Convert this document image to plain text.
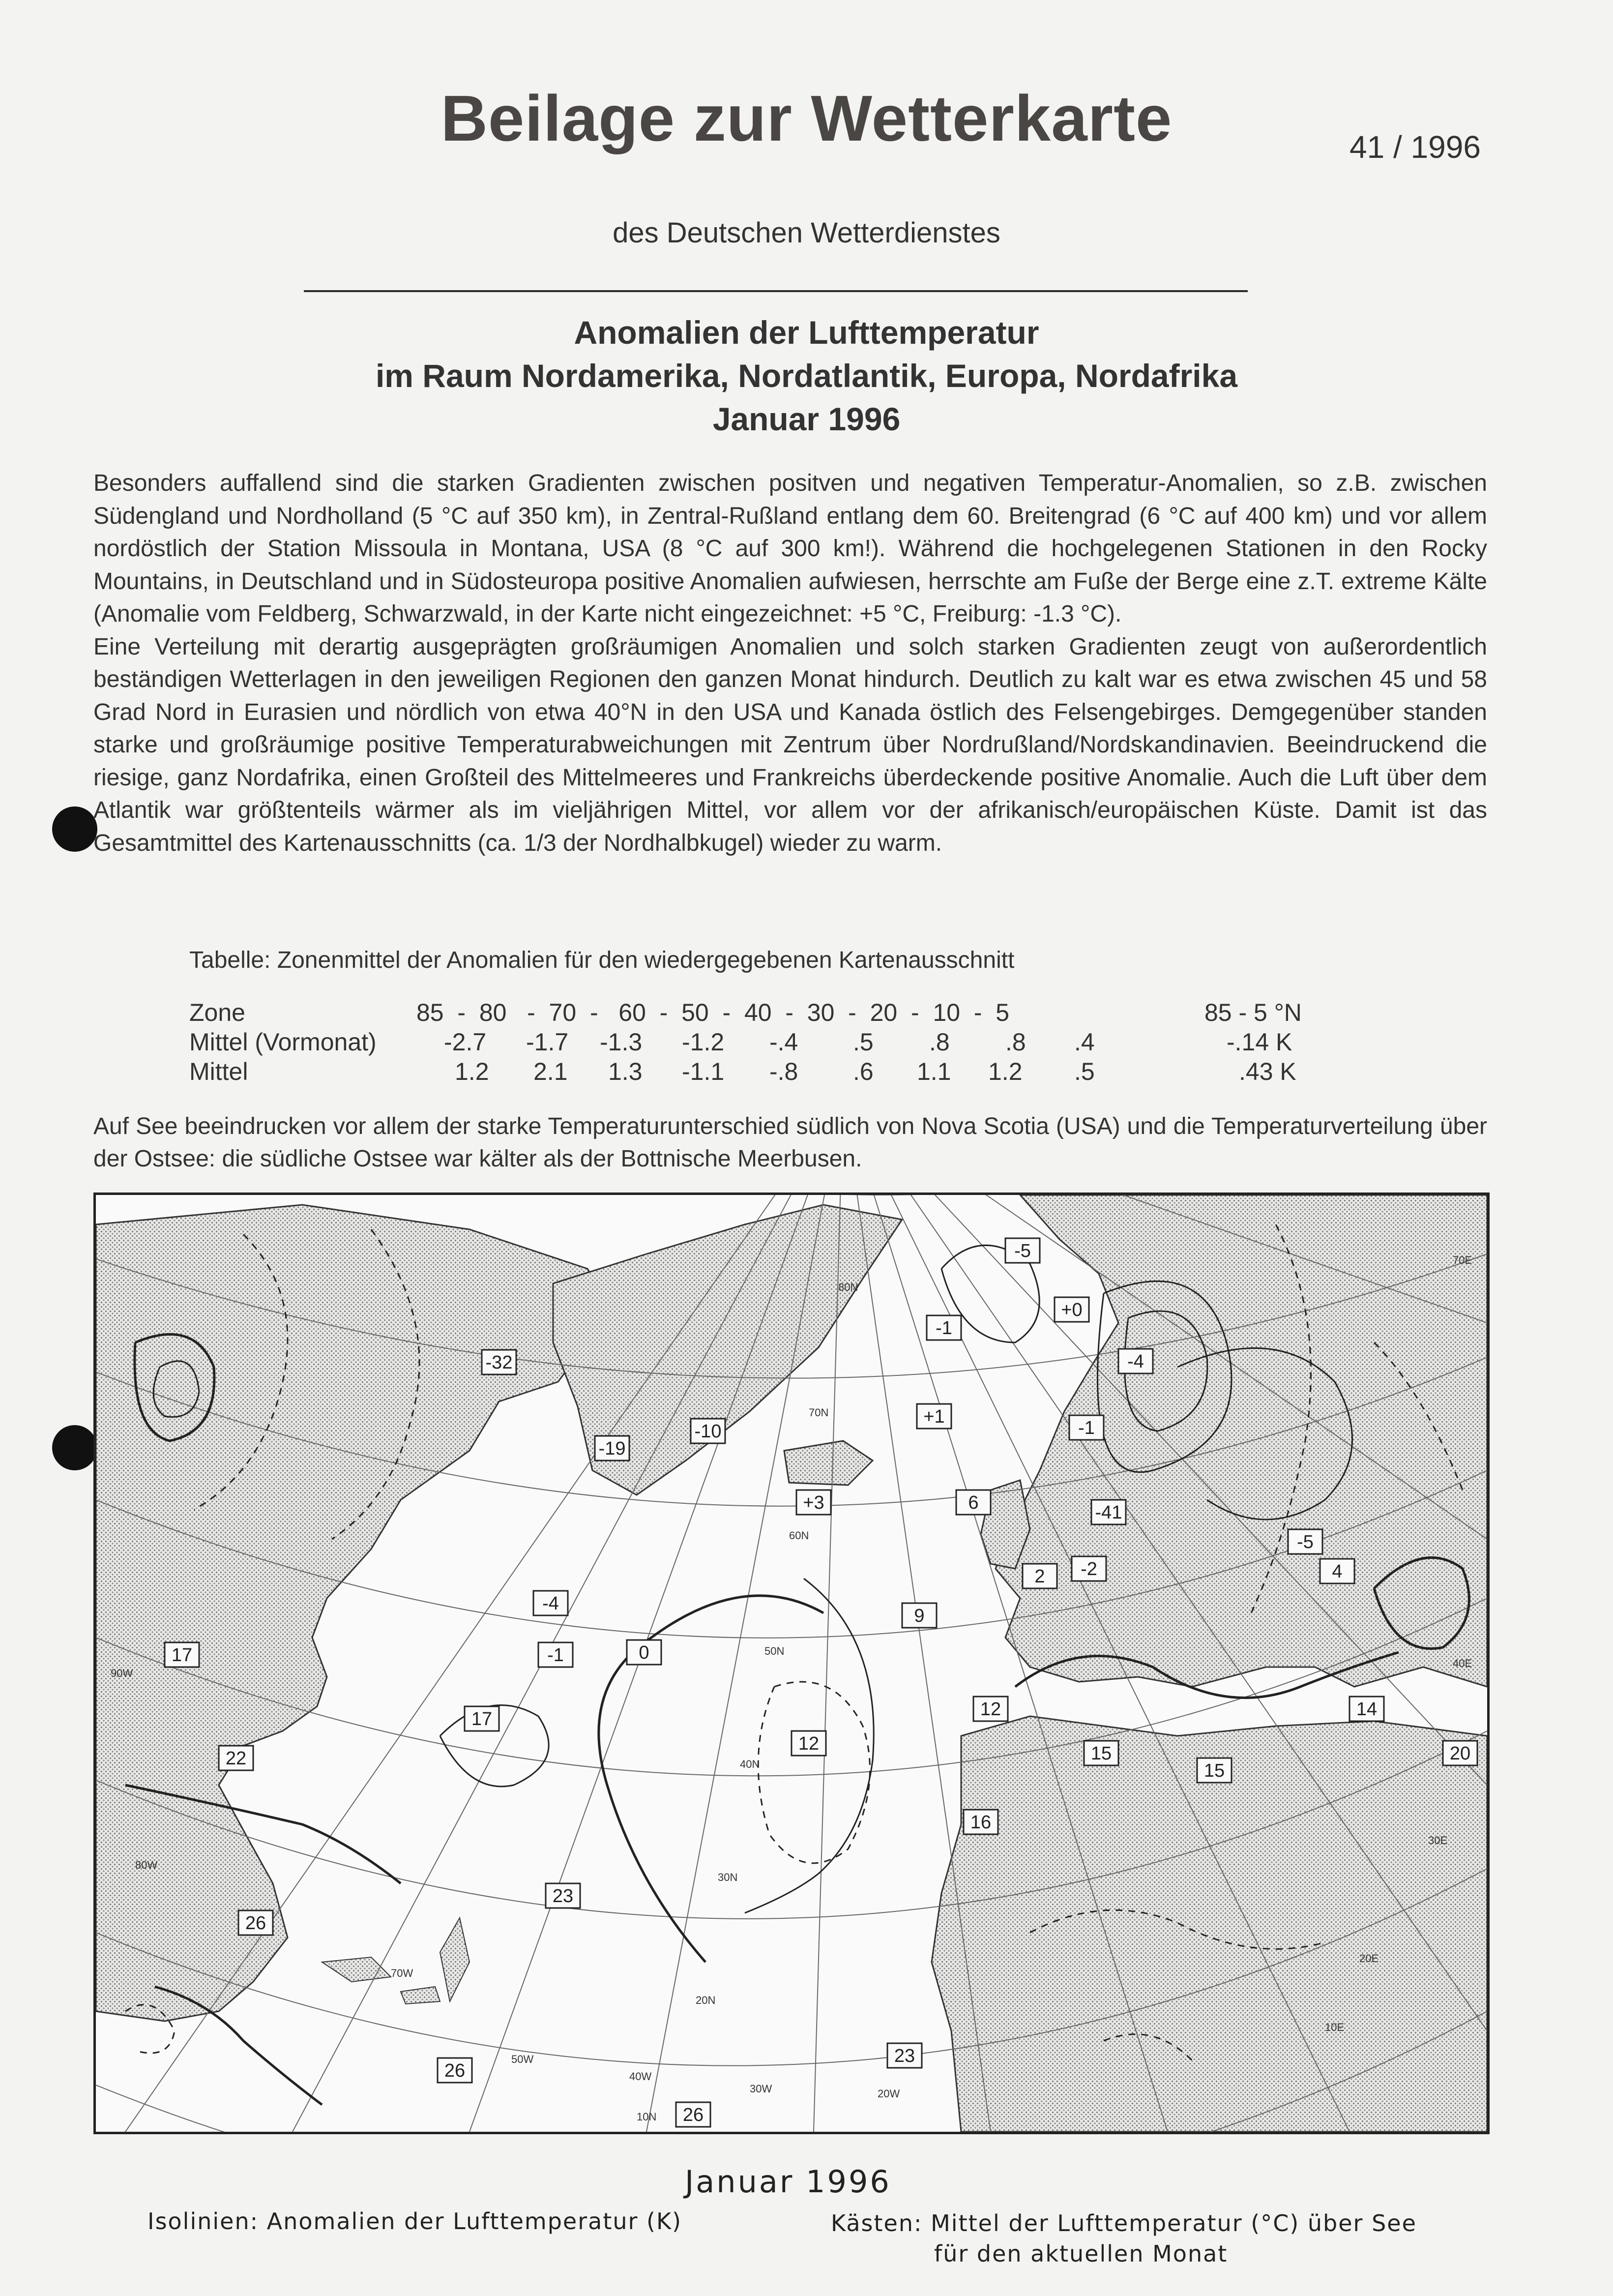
Beilage zur Wetterkarte	41 / 1996
des Deutschen Wetterdienstes
Anomalien der Lufttemperatur
im Raum Nordamerika, Nordatlantik, Europa, Nordafrika
Januar 1996

Besonders auffallend sind die starken Gradienten zwischen positven und negativen Temperatur-Anomalien, so z.B. zwischen Südengland und Nordholland (5 °C auf 350 km), in Zentral-Rußland entlang dem 60. Breitengrad (6 °C auf 400 km) und vor allem nordöstlich der Station Missoula in Montana, USA (8 °C auf 300 km!). Während die hochgelegenen Stationen in den Rocky Mountains, in Deutschland und in Südosteuropa positive Anomalien aufwiesen, herrschte am Fuße der Berge eine z.T. extreme Kälte (Anomalie vom Feldberg, Schwarzwald, in der Karte nicht eingezeichnet: +5 °C, Freiburg: -1.3 °C).

Eine Verteilung mit derartig ausgeprägten großräumigen Anomalien und solch starken Gradienten zeugt von außerordentlich beständigen Wetterlagen in den jeweiligen Regionen den ganzen Monat hindurch. Deutlich zu kalt war es etwa zwischen 45 und 58 Grad Nord in Eurasien und nördlich von etwa 40°N in den USA und Kanada östlich des Felsengebirges. Demgegenüber standen starke und großräumige positive Temperaturabweichungen mit Zentrum über Nordrußland/Nordskandinavien. Beeindruckend die riesige, ganz Nordafrika, einen Großteil des Mittelmeeres und Frankreichs überdeckende positive Anomalie. Auch die Luft über dem Atlantik war größtenteils wärmer als im vieljährigen Mittel, vor allem vor der afrikanisch/europäischen Küste. Damit ist das Gesamtmittel des Kartenausschnitts (ca. 1/3 der Nordhalbkugel) wieder zu warm.

Tabelle: Zonenmittel der Anomalien für den wiedergegebenen Kartenausschnitt
Zone	85  -  80   -  70  -   60  -  50  -  40  -  30  -  20  -  10  -  5	85 - 5 °N
Mittel (Vormonat)	-2.7 -1.7 -1.3 -1.2 -.4 .5 .8 .8 .4	-.14 K
Mittel	1.2 2.1 1.3 -1.1 -.8 .6 1.1 1.2 .5	.43 K

Auf See beeindrucken vor allem der starke Temperaturunterschied südlich von Nova Scotia (USA) und die Temperaturverteilung über der Ostsee: die südliche Ostsee war kälter als der Bottnische Meerbusen.

-32
-19
-10
+3	6
-1
+1
-5
+0
-4
-1
-41
-5
4
2 -2
9
-4
-1	0
17
17
22
12
12	14
15
15
16
20
23
26
26
23
26
80N
70N
60N
50N
40N
30N
20N
10N
90W
80W
70W
50W
40W
30W	20W
10E
20E
30E
40E
70E
Januar 1996
Isolinien: Anomalien der Lufttemperatur (K)	Kästen: Mittel der Lufttemperatur (°C) über See
für den aktuellen Monat
